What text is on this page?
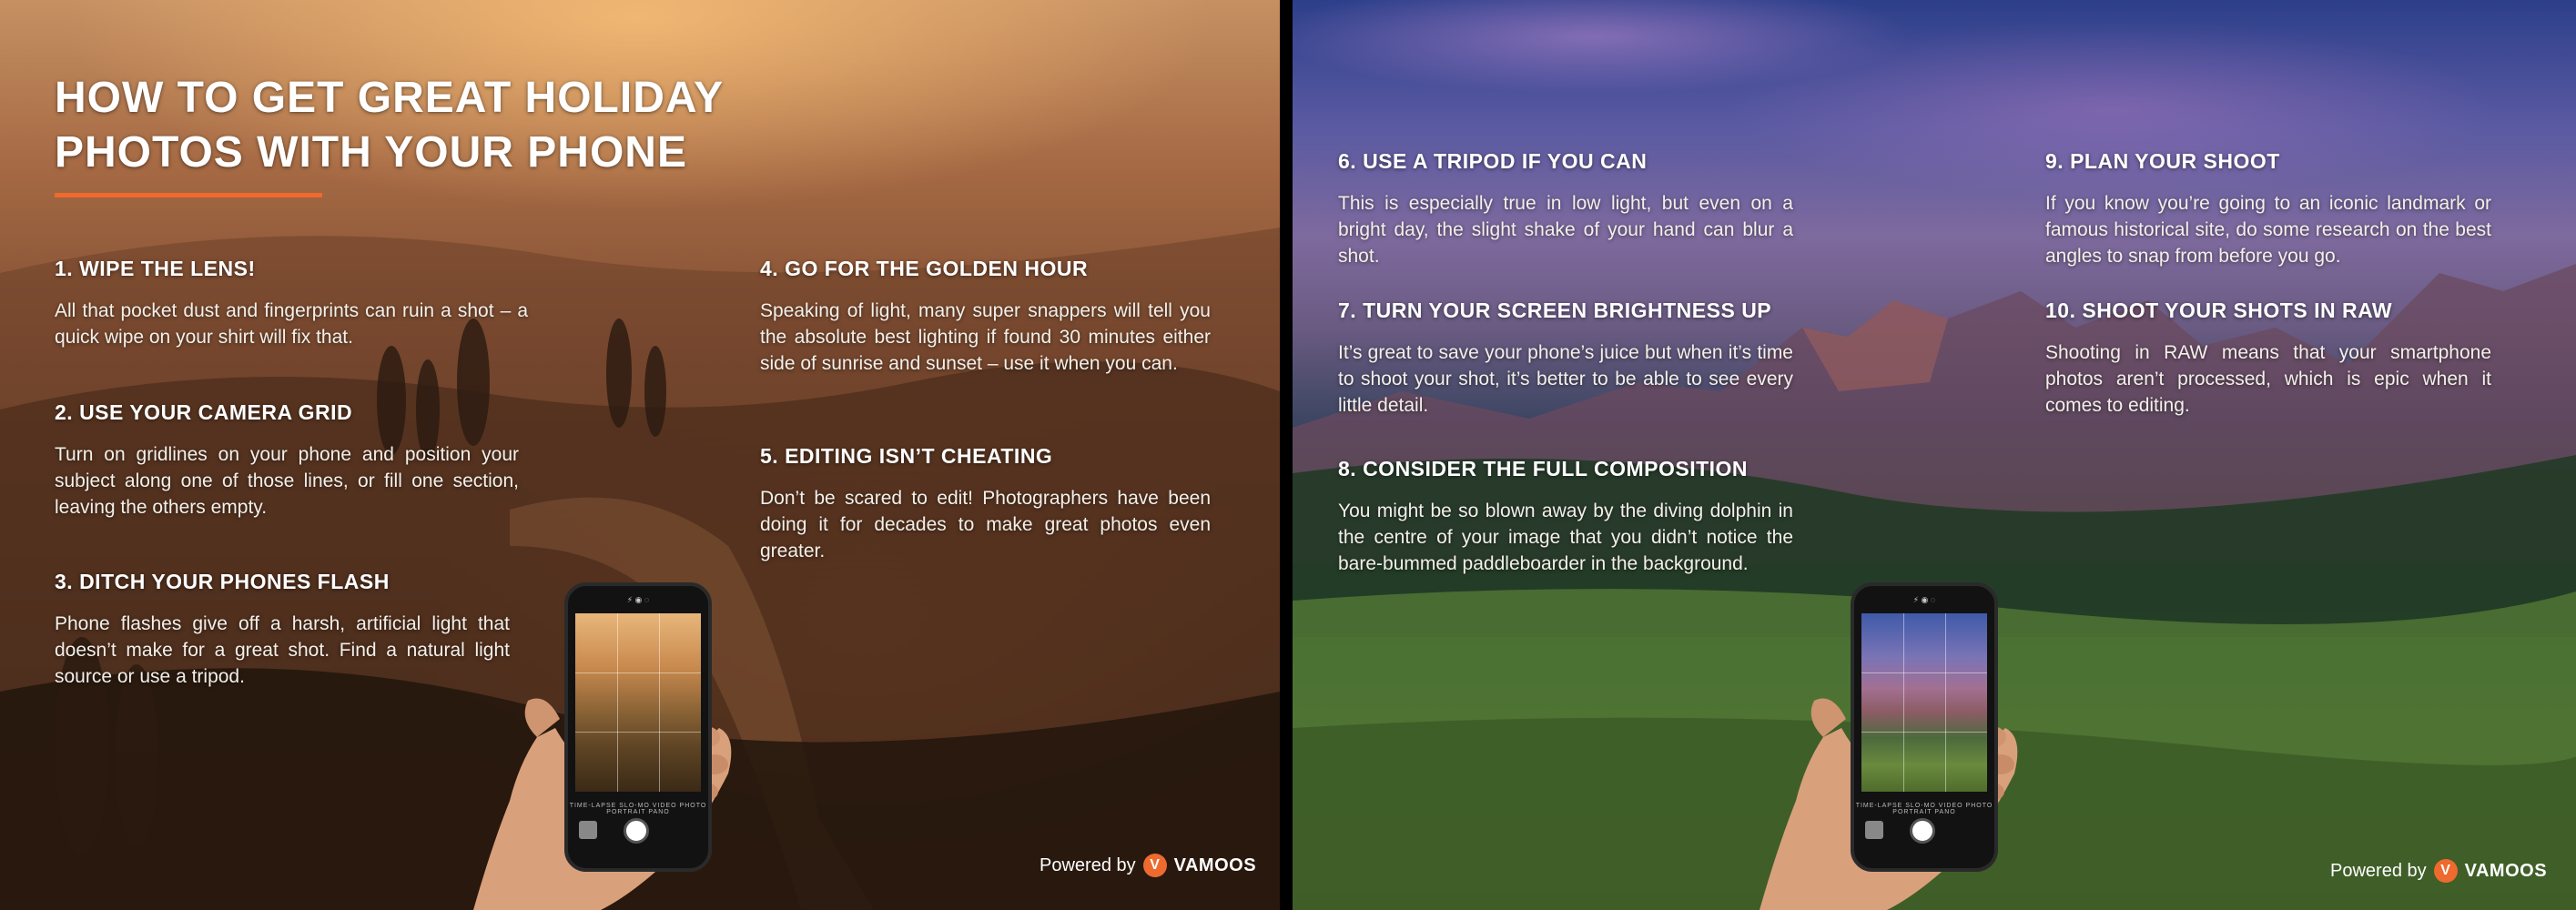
HOW TO GET GREAT HOLIDAY
PHOTOS WITH YOUR PHONE
1. WIPE THE LENS!

All that pocket dust and fingerprints can ruin a shot – a quick wipe on your shirt will fix that.

2. USE YOUR CAMERA GRID

Turn on gridlines on your phone and position your subject along one of those lines, or fill one section, leaving the others empty.

3. DITCH YOUR PHONES FLASH

Phone flashes give off a harsh, artificial light that doesn’t make for a great shot. Find a natural light source or use a tripod.

4. GO FOR THE GOLDEN HOUR

Speaking of light, many super snappers will tell you the absolute best lighting if found 30 minutes either side of sunrise and sunset – use it when you can.

5. EDITING ISN’T CHEATING

Don’t be scared to edit! Photographers have been doing it for decades to make great photos even greater.

⚡ ◉ ◌
TIME-LAPSE SLO-MO VIDEO PHOTO PORTRAIT PANO
Powered by V VAMOOS
6. USE A TRIPOD IF YOU CAN

This is especially true in low light, but even on a bright day, the slight shake of your hand can blur a shot.

7. TURN YOUR SCREEN BRIGHTNESS UP

It’s great to save your phone’s juice but when it’s time to shoot your shot, it’s better to be able to see every little detail.

8. CONSIDER THE FULL COMPOSITION

You might be so blown away by the diving dolphin in the centre of your image that you didn’t notice the bare-bummed paddleboarder in the background.

9. PLAN YOUR SHOOT

If you know you’re going to an iconic landmark or famous historical site, do some research on the best angles to snap from before you go.

10. SHOOT YOUR SHOTS IN RAW

Shooting in RAW means that your smartphone photos aren’t processed, which is epic when it comes to editing.

⚡ ◉ ◌
TIME-LAPSE SLO-MO VIDEO PHOTO PORTRAIT PANO
Powered by V VAMOOS
